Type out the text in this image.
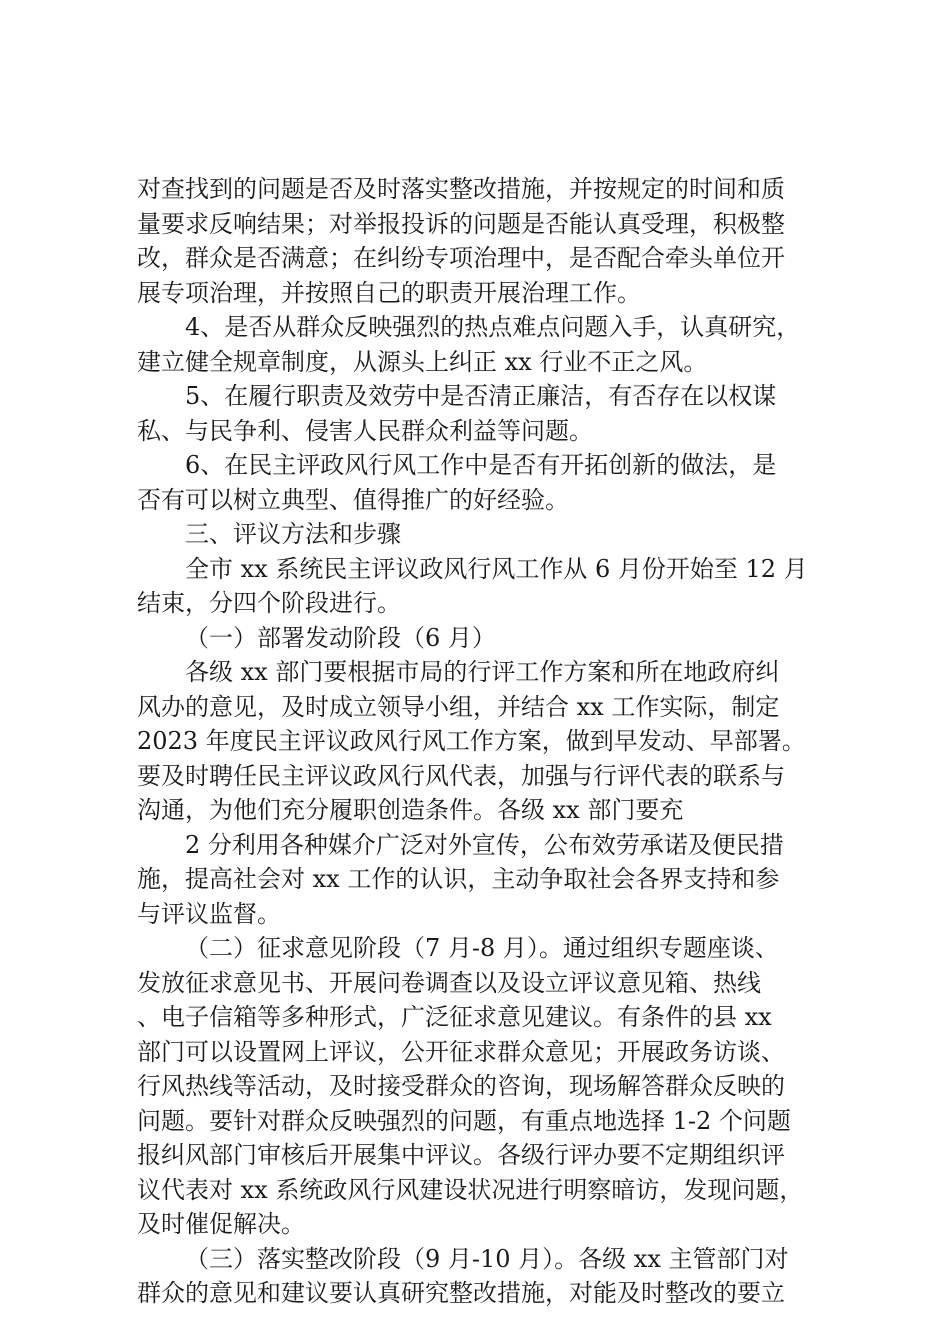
对查找到的问题是否及时落实整改措施，并按规定的时间和质
量要求反响结果；对举报投诉的问题是否能认真受理，积极整
改，群众是否满意；在纠纷专项治理中，是否配合牵头单位开
展专项治理，并按照自己的职责开展治理工作。
4、是否从群众反映强烈的热点难点问题入手，认真研究，
建立健全规章制度，从源头上纠正 xx 行业不正之风。
5、在履行职责及效劳中是否清正廉洁，有否存在以权谋
私、与民争利、侵害人民群众利益等问题。
6、在民主评政风行风工作中是否有开拓创新的做法，是
否有可以树立典型、值得推广的好经验。
三、评议方法和步骤
全市 xx 系统民主评议政风行风工作从 6 月份开始至 12 月
结束，分四个阶段进行。
（一）部署发动阶段（6 月）
各级 xx 部门要根据市局的行评工作方案和所在地政府纠
风办的意见，及时成立领导小组，并结合 xx 工作实际，制定
2023 年度民主评议政风行风工作方案，做到早发动、早部署。
要及时聘任民主评议政风行风代表，加强与行评代表的联系与
沟通，为他们充分履职创造条件。各级 xx 部门要充
2 分利用各种媒介广泛对外宣传，公布效劳承诺及便民措
施，提高社会对 xx 工作的认识，主动争取社会各界支持和参
与评议监督。
（二）征求意见阶段（7 月-8 月）。通过组织专题座谈、
发放征求意见书、开展问卷调查以及设立评议意见箱、热线
、电子信箱等多种形式，广泛征求意见建议。有条件的县 xx
部门可以设置网上评议，公开征求群众意见；开展政务访谈、
行风热线等活动，及时接受群众的咨询，现场解答群众反映的
问题。要针对群众反映强烈的问题，有重点地选择 1-2 个问题
报纠风部门审核后开展集中评议。各级行评办要不定期组织评
议代表对 xx 系统政风行风建设状况进行明察暗访，发现问题，
及时催促解决。
（三）落实整改阶段（9 月-10 月）。各级 xx 主管部门对
群众的意见和建议要认真研究整改措施，对能及时整改的要立
